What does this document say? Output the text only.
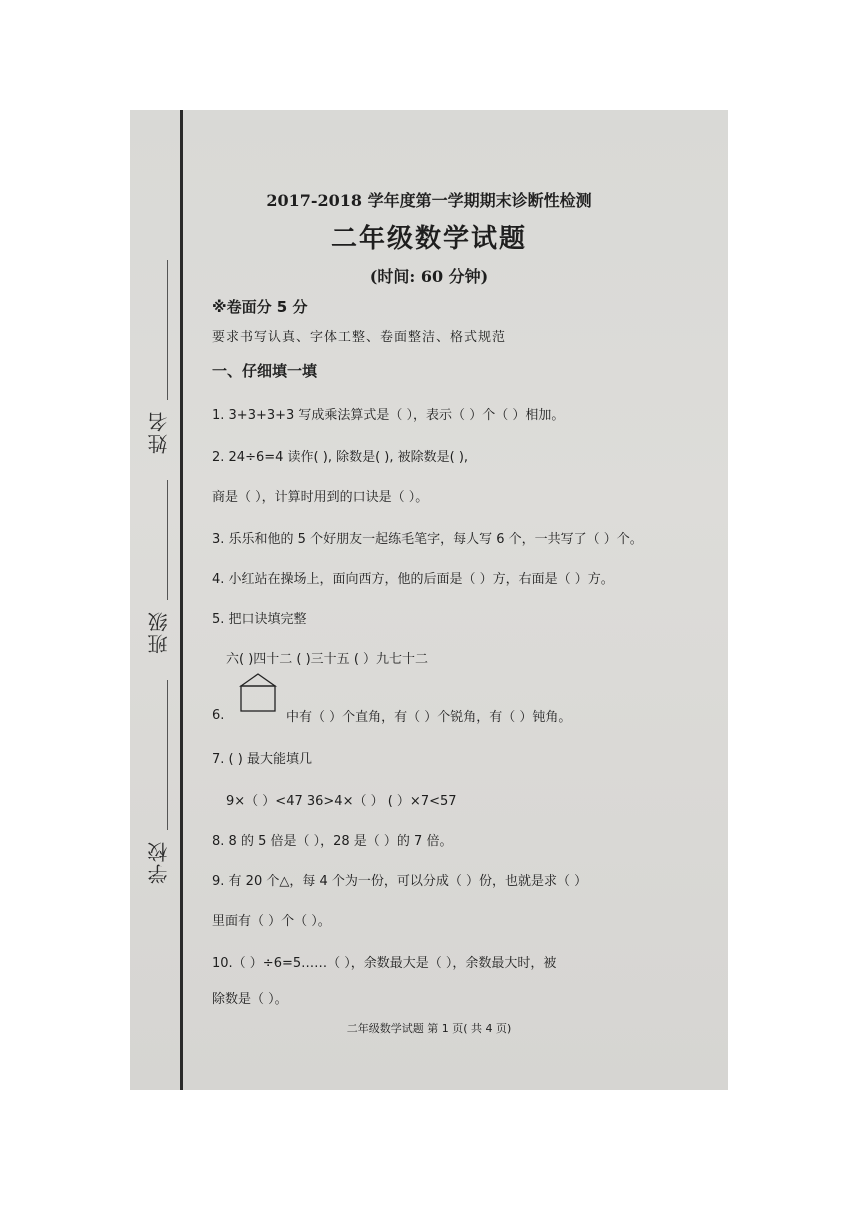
姓名
班级
学校
2017-2018 学年度第一学期期末诊断性检测
二年级数学试题
(时间: 60 分钟)
※卷面分 5 分
要求书写认真、字体工整、卷面整洁、格式规范
一、仔细填一填
1. 3+3+3+3 写成乘法算式是（ ），表示（ ）个（ ）相加。
2. 24÷6=4 读作( ), 除数是( ), 被除数是( ),
商是（ ），计算时用到的口诀是（ ）。
3. 乐乐和他的 5 个好朋友一起练毛笔字，每人写 6 个，一共写了（ ）个。
4. 小红站在操场上，面向西方，他的后面是（ ）方，右面是（ ）方。
5. 把口诀填完整
六( )四十二 ( )三十五 ( ）九七十二
6.	中有（ ）个直角，有（ ）个锐角，有（ ）钝角。
7. ( ) 最大能填几
9×（ ）<47 36>4×（ ） ( ）×7<57
8. 8 的 5 倍是（ ），28 是（ ）的 7 倍。
9. 有 20 个△，每 4 个为一份，可以分成（ ）份，也就是求（ ）
里面有（ ）个（ ）。
10.（ ）÷6=5……（ ），余数最大是（ ），余数最大时，被
除数是（ ）。
二年级数学试题 第 1 页( 共 4 页)
